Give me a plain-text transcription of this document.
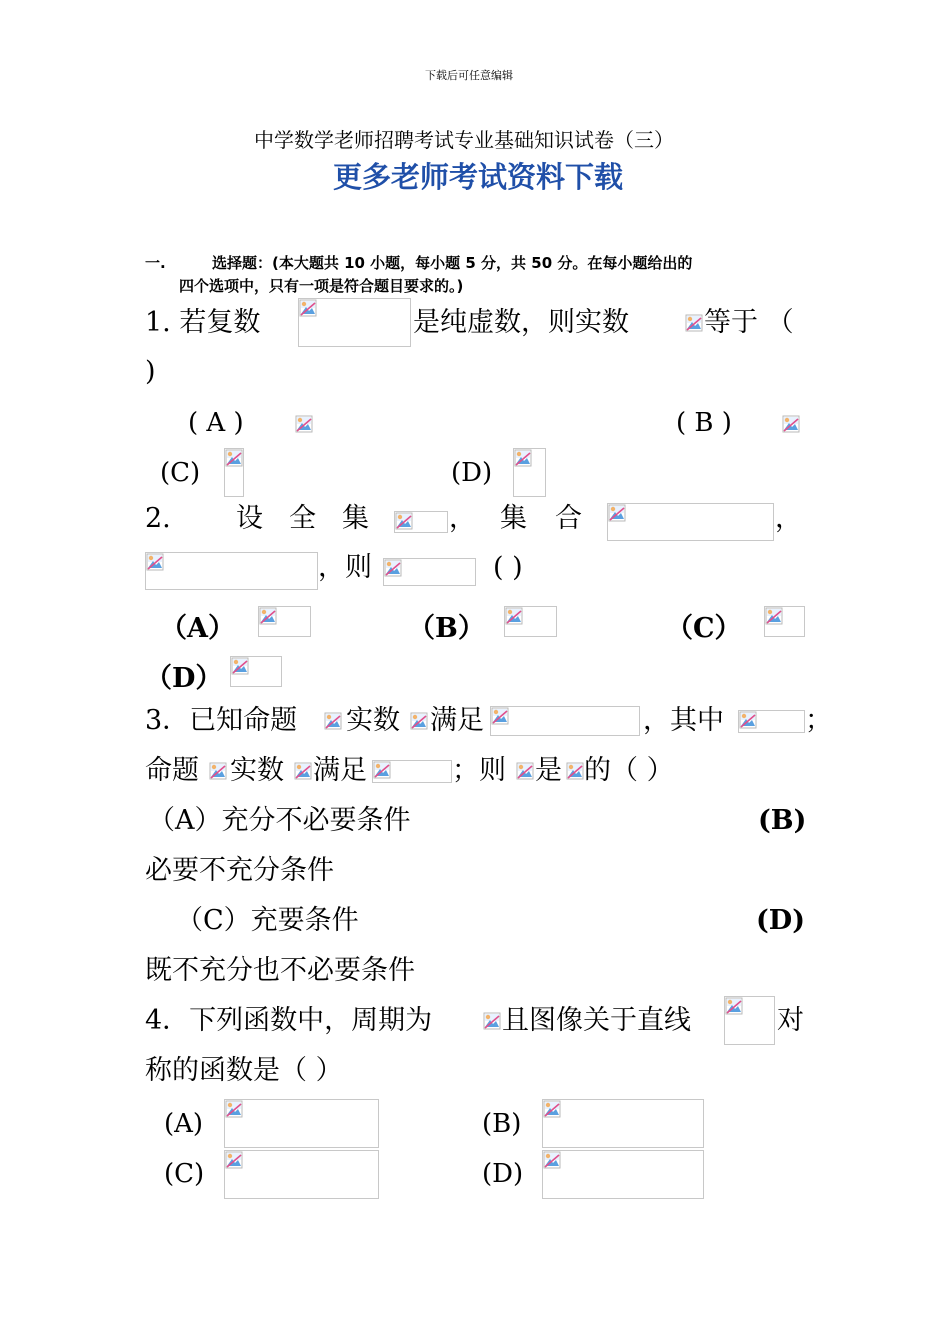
下载后可任意编辑
中学数学老师招聘考试专业基础知识试卷（三）
更多老师考试资料下载
一.	选择题：(本大题共 10 小题，每小题 5 分，共 50 分。在每小题给出的
四个选项中，只有一项是符合题目要求的。)
1. 若复数	是纯虚数，则实数	等于 （
)
( A )	( B )
(C)	(D)
2. 设 全 集	， 集 合	，
，则	( )
（A）	（B）	（C）
（D）
3．已知命题 实数 满足	，其中	；
命题 实数 满足	；则 是 的（ ）
（A）充分不必要条件	(B)
必要不充分条件
（C）充要条件	(D)
既不充分也不必要条件
4．下列函数中，周期为	且图像关于直线	对
称的函数是（ ）
(A)	(B)
(C)	(D)
